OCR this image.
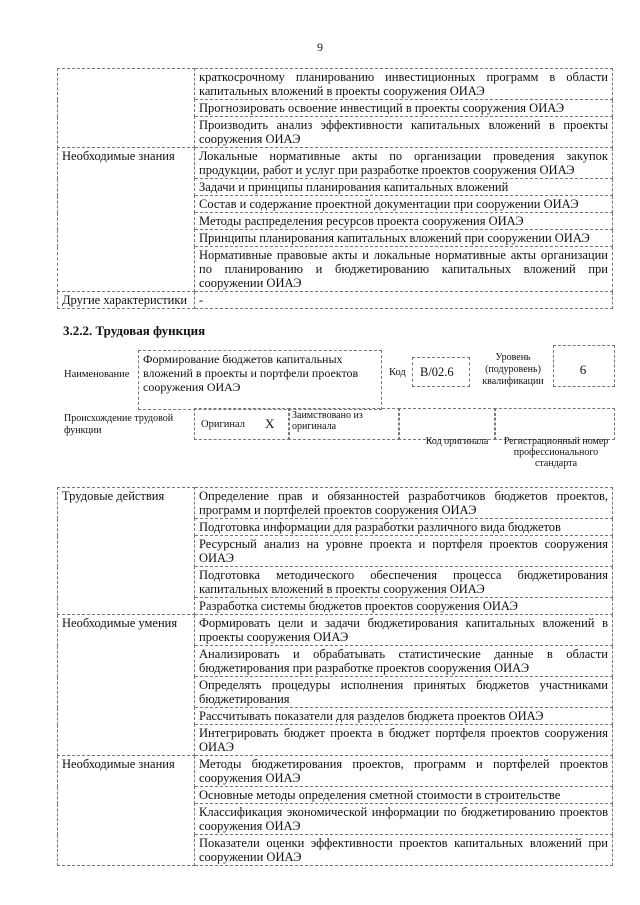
9
	краткосрочному планированию инвестиционных программ в области капитальных вложений в проекты сооружения ОИАЭ
	Прогнозировать освоение инвестиций в проекты сооружения ОИАЭ
	Производить анализ эффективности капитальных вложений в проекты сооружения ОИАЭ
Необходимые знания	Локальные нормативные акты по организации проведения закупок продукции, работ и услуг при разработке проектов сооружения ОИАЭ
	Задачи и принципы планирования капитальных вложений
	Состав и содержание проектной документации при сооружении ОИАЭ
	Методы распределения ресурсов проекта сооружения ОИАЭ
	Принципы планирования капитальных вложений при сооружении ОИАЭ
	Нормативные правовые акты и локальные нормативные акты организации по планированию и бюджетированию капитальных вложений при сооружении ОИАЭ
Другие характеристики	-
3.2.2. Трудовая функция
Наименование
Формирование бюджетов капитальных вложений в проекты и портфели проектов сооружения ОИАЭ
Код B/02.6
Уровень (подуровень) квалификации
6
Происхождение трудовой функции
Оригинал X
Заимствовано из оригинала
Код оригинала	Регистрационный номер профессионального стандарта
Трудовые действия	Определение прав и обязанностей разработчиков бюджетов проектов, программ и портфелей проектов сооружения ОИАЭ
	Подготовка информации для разработки различного вида бюджетов
	Ресурсный анализ на уровне проекта и портфеля проектов сооружения ОИАЭ
	Подготовка методического обеспечения процесса бюджетирования капитальных вложений в проекты сооружения ОИАЭ
	Разработка системы бюджетов проектов сооружения ОИАЭ
Необходимые умения	Формировать цели и задачи бюджетирования капитальных вложений в проекты сооружения ОИАЭ
	Анализировать и обрабатывать статистические данные в области бюджетирования при разработке проектов сооружения ОИАЭ
	Определять процедуры исполнения принятых бюджетов участниками бюджетирования
	Рассчитывать показатели для разделов бюджета проектов ОИАЭ
	Интегрировать бюджет проекта в бюджет портфеля проектов сооружения ОИАЭ
Необходимые знания	Методы бюджетирования проектов, программ и портфелей проектов сооружения ОИАЭ
	Основные методы определения сметной стоимости в строительстве
	Классификация экономической информации по бюджетированию проектов сооружения ОИАЭ
	Показатели оценки эффективности проектов капитальных вложений при сооружении ОИАЭ
